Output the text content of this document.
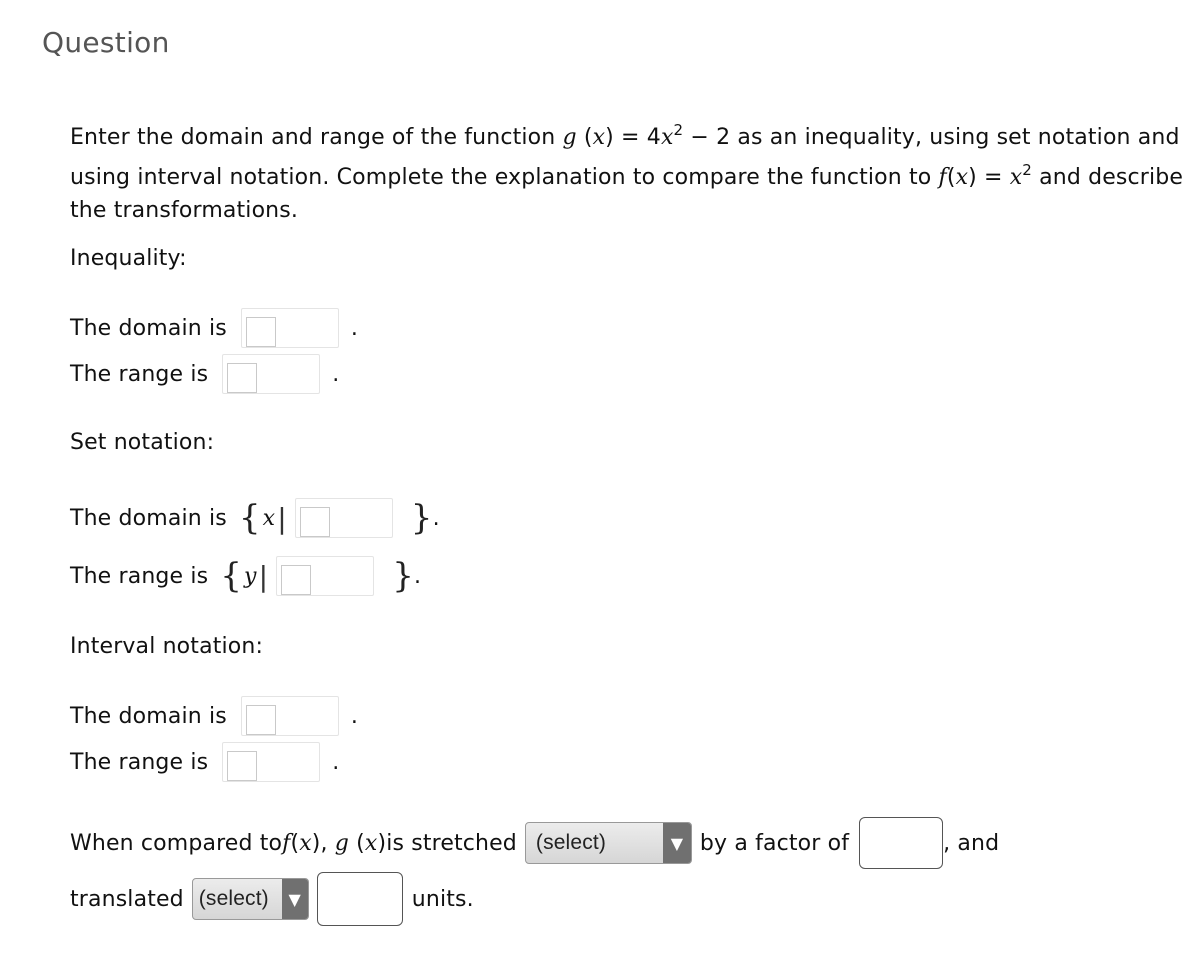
Question
Enter the domain and range of the function g $(x) = 4x^2 - 2$ as an inequality, using set notation and using interval notation. Complete the explanation to compare the function to $f(x) = x^2$ and describe the transformations.
Inequality:
The domain is	.
The range is	.
Set notation:
The domain is { x |	} .
The range is { y |	} .
Interval notation:
The domain is	.
The range is	.
When compared to f(x) , g (x) is stretched (select)	▼ by a factor of	, and
translated (select)	▼	units.
